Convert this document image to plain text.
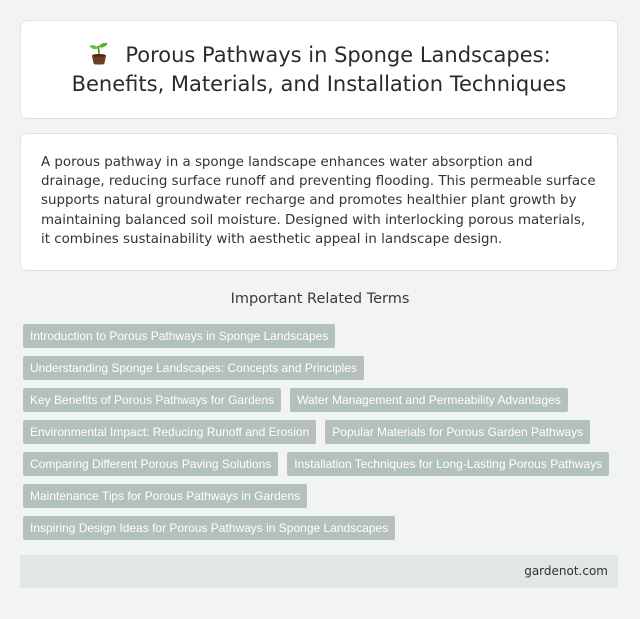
Porous Pathways in Sponge Landscapes: Benefits, Materials, and Installation Techniques

A porous pathway in a sponge landscape enhances water absorption and drainage, reducing surface runoff and preventing flooding. This permeable surface supports natural groundwater recharge and promotes healthier plant growth by maintaining balanced soil moisture. Designed with interlocking porous materials, it combines sustainability with aesthetic appeal in landscape design.

Important Related Terms
Introduction to Porous Pathways in Sponge Landscapes
Understanding Sponge Landscapes: Concepts and Principles
Key Benefits of Porous Pathways for Gardens	Water Management and Permeability Advantages
Environmental Impact: Reducing Runoff and Erosion	Popular Materials for Porous Garden Pathways
Comparing Different Porous Paving Solutions	Installation Techniques for Long-Lasting Porous Pathways
Maintenance Tips for Porous Pathways in Gardens
Inspiring Design Ideas for Porous Pathways in Sponge Landscapes
gardenot.com
